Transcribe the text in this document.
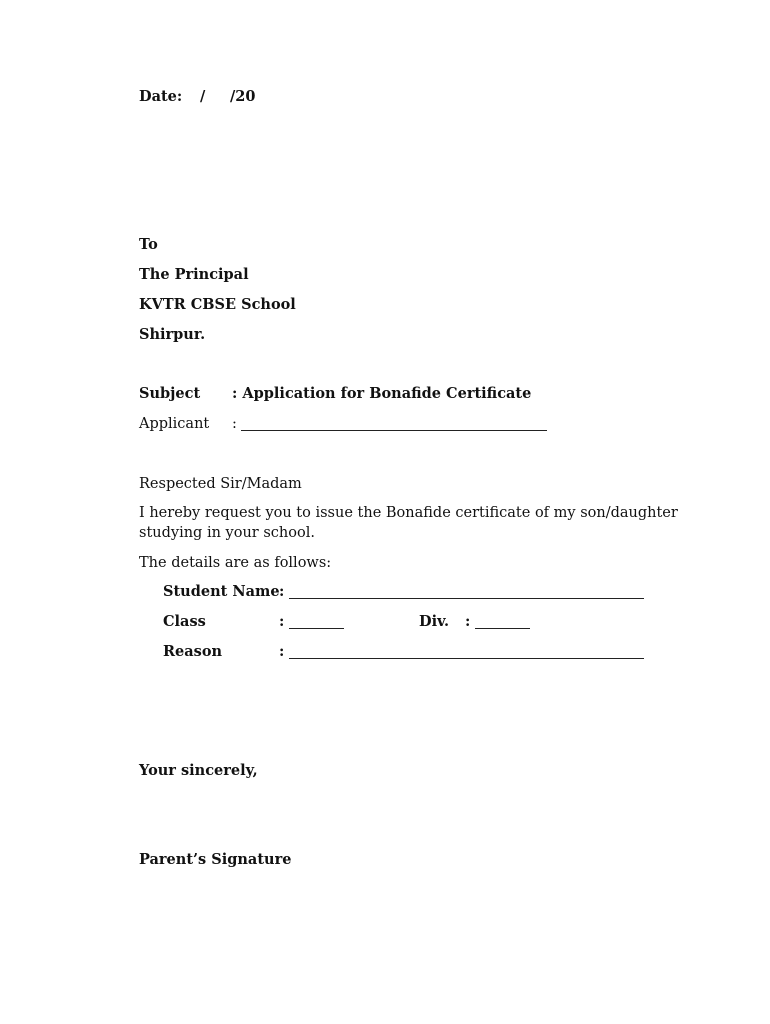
Date: / /20
To
The Principal
KVTR CBSE School
Shirpur.
Subject : Application for Bonafide Certificate
Applicant :
Respected Sir/Madam
I hereby request you to issue the Bonafide certificate of my son/daughter
studying in your school.
The details are as follows:
Student Name :
Class	:	Div. :
Reason	:
Your sincerely,
Parent’s Signature
